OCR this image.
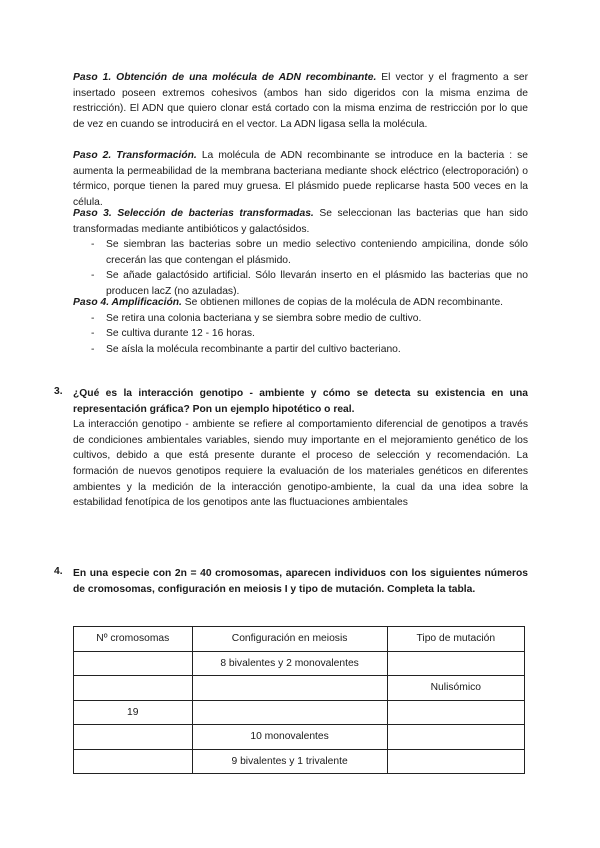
Paso 1. Obtención de una molécula de ADN recombinante. El vector y el fragmento a ser insertado poseen extremos cohesivos (ambos han sido digeridos con la misma enzima de restricción). El ADN que quiero clonar está cortado con la misma enzima de restricción por lo que de vez en cuando se introducirá en el vector. La ADN ligasa sella la molécula.
Paso 2. Transformación. La molécula de ADN recombinante se introduce en la bacteria : se aumenta la permeabilidad de la membrana bacteriana mediante shock eléctrico (electroporación) o térmico, porque tienen la pared muy gruesa. El plásmido puede replicarse hasta 500 veces en la célula.
Paso 3. Selección de bacterias transformadas. Se seleccionan las bacterias que han sido transformadas mediante antibióticos y galactósidos.
- Se siembran las bacterias sobre un medio selectivo conteniendo ampicilina, donde sólo crecerán las que contengan el plásmido.
- Se añade galactósido artificial. Sólo llevarán inserto en el plásmido las bacterias que no producen lacZ (no azuladas).
Paso 4. Amplificación. Se obtienen millones de copias de la molécula de ADN recombinante.
- Se retira una colonia bacteriana y se siembra sobre medio de cultivo.
- Se cultiva durante 12 - 16 horas.
- Se aísla la molécula recombinante a partir del cultivo bacteriano.
3. ¿Qué es la interacción genotipo - ambiente y cómo se detecta su existencia en una representación gráfica? Pon un ejemplo hipotético o real.
La interacción genotipo - ambiente se refiere al comportamiento diferencial de genotipos a través de condiciones ambientales variables, siendo muy importante en el mejoramiento genético de los cultivos, debido a que está presente durante el proceso de selección y recomendación. La formación de nuevos genotipos requiere la evaluación de los materiales genéticos en diferentes ambientes y la medición de la interacción genotipo-ambiente, la cual da una idea sobre la estabilidad fenotípica de los genotipos ante las fluctuaciones ambientales
4. En una especie con 2n = 40 cromosomas, aparecen individuos con los siguientes números de cromosomas, configuración en meiosis I y tipo de mutación. Completa la tabla.
Nº cromosomas	Configuración en meiosis	Tipo de mutación
	8 bivalentes y 2 monovalentes	
		Nulisómico
19		
	10 monovalentes	
	9 bivalentes y 1 trivalente	
